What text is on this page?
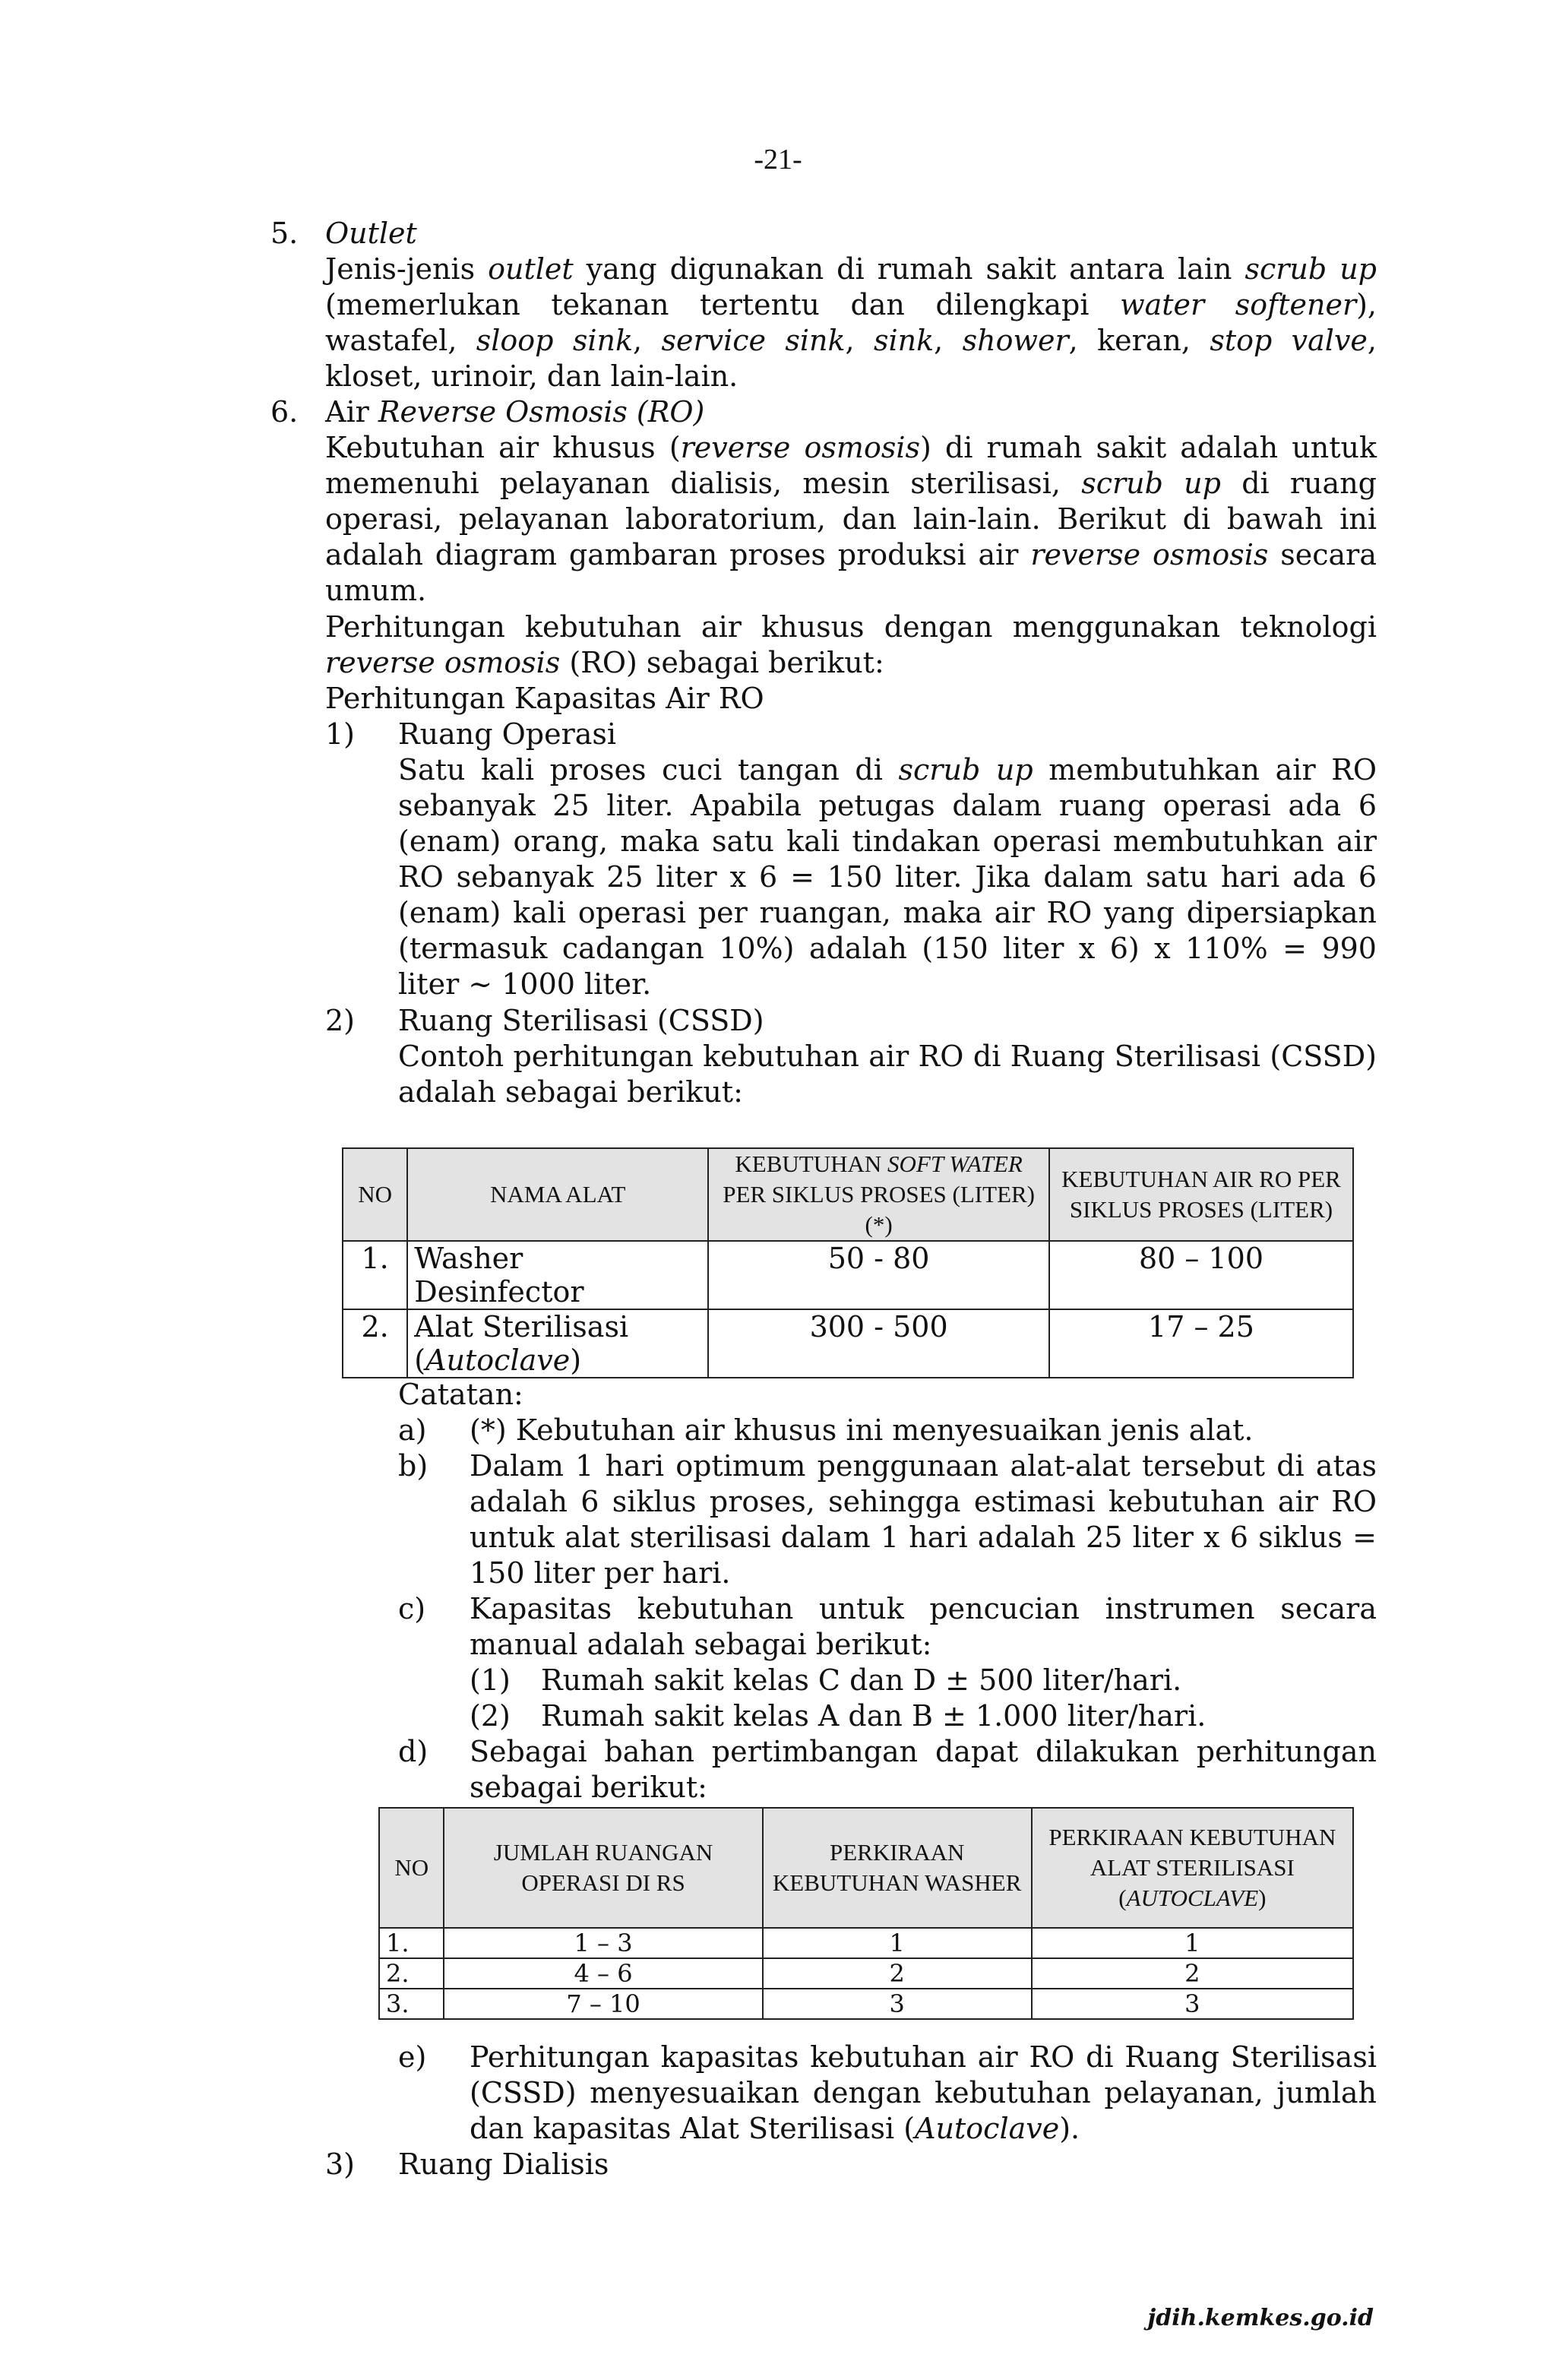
-21-
5. Outlet
Jenis-jenis outlet yang digunakan di rumah sakit antara lain scrub up (memerlukan tekanan tertentu dan dilengkapi water softener), wastafel, sloop sink, service sink, sink, shower, keran, stop valve, kloset, urinoir, dan lain-lain.
6. Air Reverse Osmosis (RO)
Kebutuhan air khusus (reverse osmosis) di rumah sakit adalah untuk memenuhi pelayanan dialisis, mesin sterilisasi, scrub up di ruang operasi, pelayanan laboratorium, dan lain-lain. Berikut di bawah ini adalah diagram gambaran proses produksi air reverse osmosis secara umum.
Perhitungan kebutuhan air khusus dengan menggunakan teknologi reverse osmosis (RO) sebagai berikut:
Perhitungan Kapasitas Air RO
1) Ruang Operasi
Satu kali proses cuci tangan di scrub up membutuhkan air RO sebanyak 25 liter. Apabila petugas dalam ruang operasi ada 6 (enam) orang, maka satu kali tindakan operasi membutuhkan air RO sebanyak 25 liter x 6 = 150 liter. Jika dalam satu hari ada 6 (enam) kali operasi per ruangan, maka air RO yang dipersiapkan (termasuk cadangan 10%) adalah (150 liter x 6) x 110% = 990 liter ~ 1000 liter.
2) Ruang Sterilisasi (CSSD)
Contoh perhitungan kebutuhan air RO di Ruang Sterilisasi (CSSD) adalah sebagai berikut:
NO	NAMA ALAT	KEBUTUHAN SOFT WATER PER SIKLUS PROSES (LITER) (*)	KEBUTUHAN AIR RO PER SIKLUS PROSES (LITER)
1.	Washer Desinfector	50 - 80	80 – 100
2.	Alat Sterilisasi (Autoclave)	300 - 500	17 – 25
Catatan:
a) (*) Kebutuhan air khusus ini menyesuaikan jenis alat.
b) Dalam 1 hari optimum penggunaan alat-alat tersebut di atas adalah 6 siklus proses, sehingga estimasi kebutuhan air RO untuk alat sterilisasi dalam 1 hari adalah 25 liter x 6 siklus = 150 liter per hari.
c) Kapasitas kebutuhan untuk pencucian instrumen secara manual adalah sebagai berikut:
(1) Rumah sakit kelas C dan D ± 500 liter/hari.
(2) Rumah sakit kelas A dan B ± 1.000 liter/hari.
d) Sebagai bahan pertimbangan dapat dilakukan perhitungan sebagai berikut:
NO	JUMLAH RUANGAN OPERASI DI RS	PERKIRAAN KEBUTUHAN WASHER	PERKIRAAN KEBUTUHAN ALAT STERILISASI (AUTOCLAVE)
1.	1 – 3	1	1
2.	4 – 6	2	2
3.	7 – 10	3	3
e) Perhitungan kapasitas kebutuhan air RO di Ruang Sterilisasi (CSSD) menyesuaikan dengan kebutuhan pelayanan, jumlah dan kapasitas Alat Sterilisasi (Autoclave).
3) Ruang Dialisis
jdih.kemkes.go.id
